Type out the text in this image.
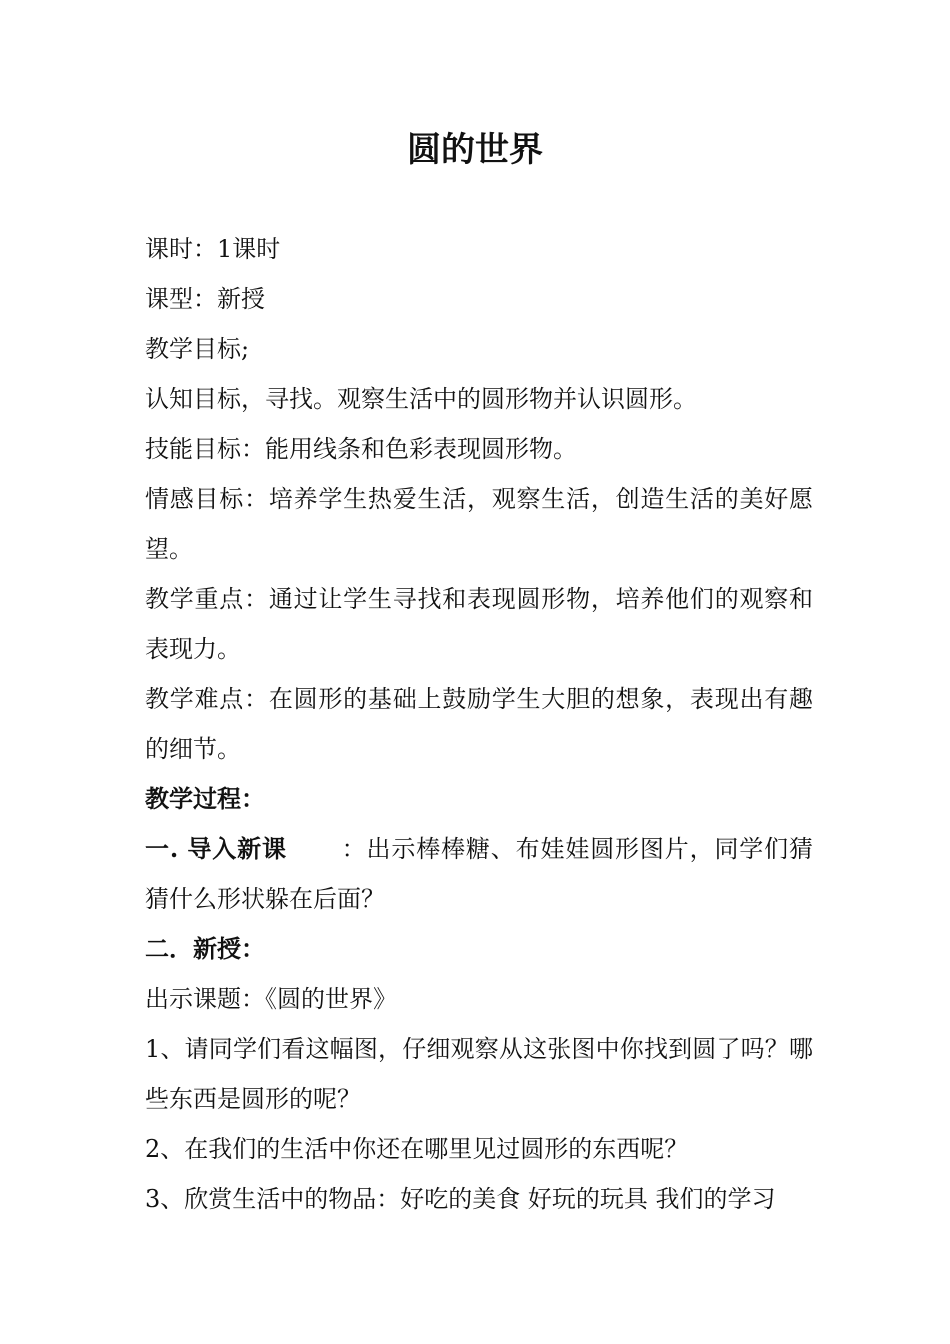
圆的世界

课时：1课时

课型：新授

教学目标;

认知目标，寻找。观察生活中的圆形物并认识圆形。

技能目标：能用线条和色彩表现圆形物。

情感目标：培养学生热爱生活，观察生活，创造生活的美好愿望。

教学重点：通过让学生寻找和表现圆形物，培养他们的观察和表现力。

教学难点：在圆形的基础上鼓励学生大胆的想象，表现出有趣的细节。

教学过程：

一. 导入新课 ：出示棒棒糖、布娃娃圆形图片，同学们猜猜什么形状躲在后面？

二．新授：

出示课题：《圆的世界》

1、请同学们看这幅图，仔细观察从这张图中你找到圆了吗？哪些东西是圆形的呢？

2、在我们的生活中你还在哪里见过圆形的东西呢？

3、欣赏生活中的物品：好吃的美食 好玩的玩具 我们的学习
